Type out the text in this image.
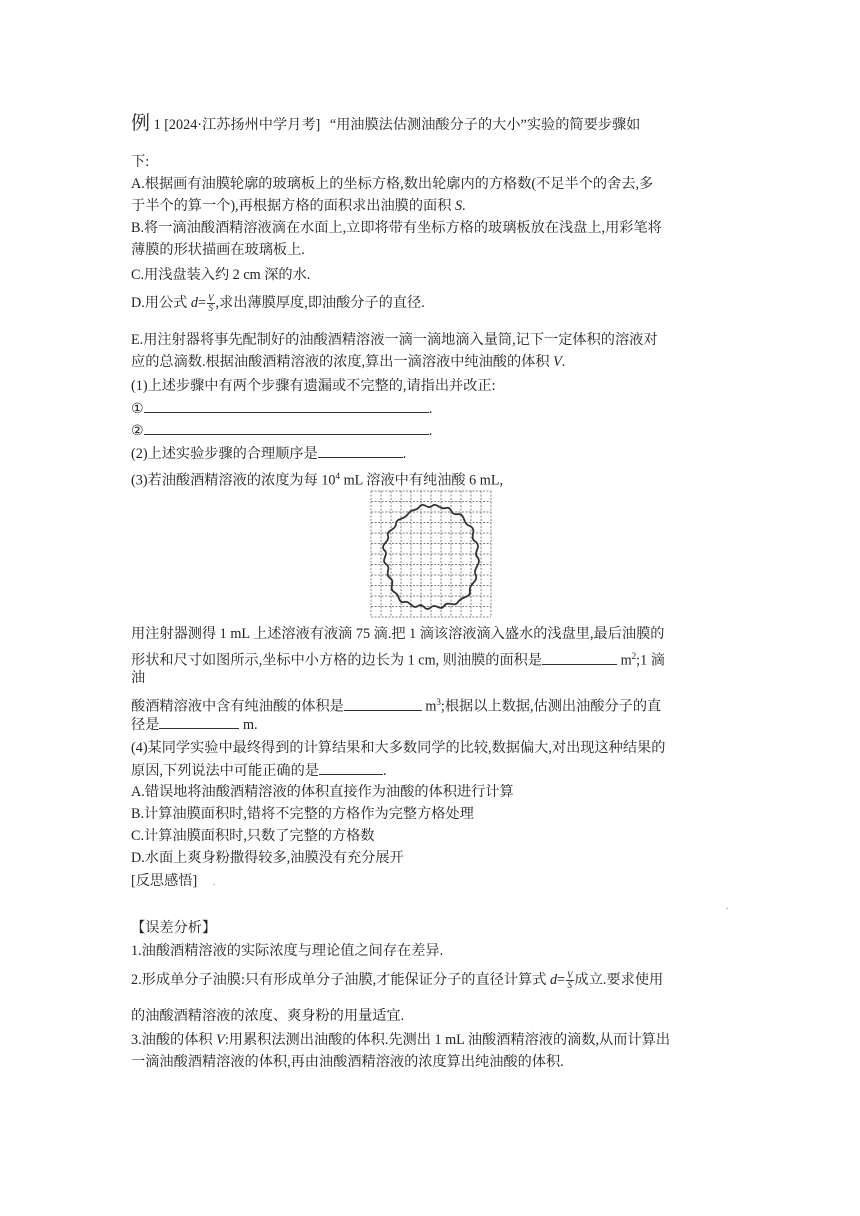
例 1 [2024·江苏扬州中学月考] “用油膜法估测油酸分子的大小”实验的简要步骤如
下:
A.根据画有油膜轮廓的玻璃板上的坐标方格,数出轮廓内的方格数(不足半个的舍去,多
于半个的算一个),再根据方格的面积求出油膜的面积 S.
B.将一滴油酸酒精溶液滴在水面上,立即将带有坐标方格的玻璃板放在浅盘上,用彩笔将
薄膜的形状描画在玻璃板上.
C.用浅盘装入约 2 cm 深的水.
D.用公式 $d= \frac{V}{S}$ ,求出薄膜厚度,即油酸分子的直径.
E.用注射器将事先配制好的油酸酒精溶液一滴一滴地滴入量筒,记下一定体积的溶液对
应的总滴数.根据油酸酒精溶液的浓度,算出一滴溶液中纯油酸的体积 V.
(1)上述步骤中有两个步骤有遗漏或不完整的,请指出并改正:
①	.
②	.
(2)上述实验步骤的合理顺序是	.
(3)若油酸酒精溶液的浓度为每 $10^4$ mL 溶液中有纯油酸 6 mL,
用注射器测得 1 mL 上述溶液有液滴 75 滴.把 1 滴该溶液滴入盛水的浅盘里,最后油膜的
形状和尺寸如图所示,坐标中小方格的边长为 1 cm, 则油膜的面积是	$m^2;1$ 滴
油
酸酒精溶液中含有纯油酸的体积是	$m^3$;根据以上数据,估测出油酸分子的直
径是	m.
(4)某同学实验中最终得到的计算结果和大多数同学的比较,数据偏大,对出现这种结果的
原因,下列说法中可能正确的是	.
A.错误地将油酸酒精溶液的体积直接作为油酸的体积进行计算
B.计算油膜面积时,错将不完整的方格作为完整方格处理
C.计算油膜面积时,只数了完整的方格数
D.水面上爽身粉撒得较多,油膜没有充分展开
[反思感悟] .
.
【误差分析】
1.油酸酒精溶液的实际浓度与理论值之间存在差异.
2.形成单分子油膜:只有形成单分子油膜,才能保证分子的直径计算式 $d= \frac{V}{S}$ 成立.要求使用
的油酸酒精溶液的浓度、爽身粉的用量适宜.
3.油酸的体积 V:用累积法测出油酸的体积.先测出 1 mL 油酸酒精溶液的滴数,从而计算出
一滴油酸酒精溶液的体积,再由油酸酒精溶液的浓度算出纯油酸的体积.
